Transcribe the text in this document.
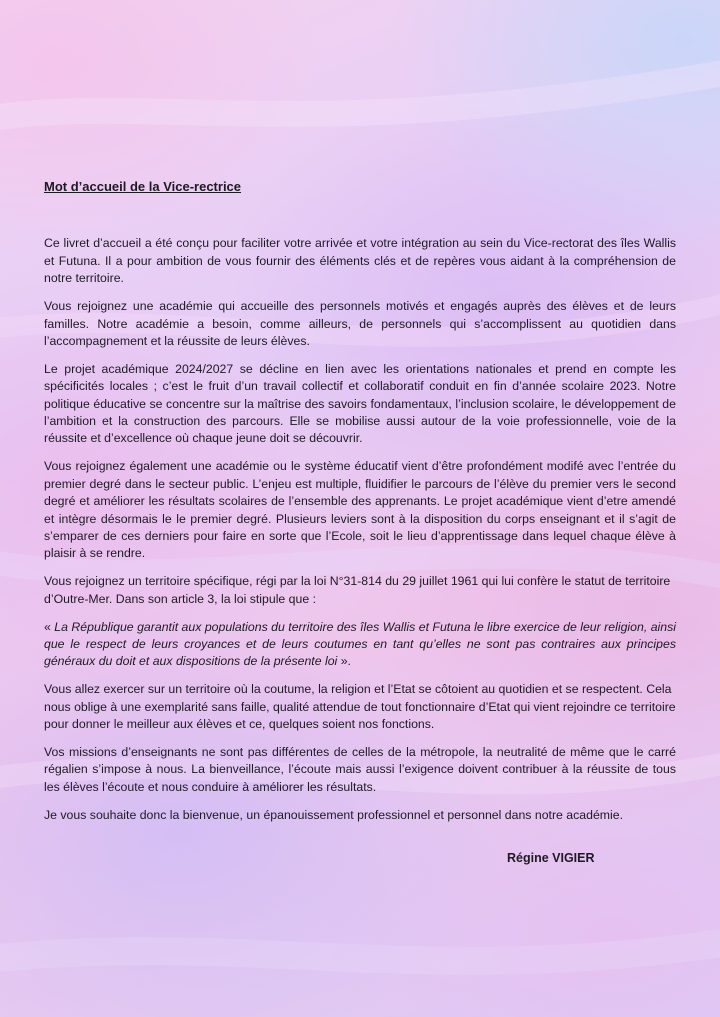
Mot d’accueil de la Vice-rectrice

Ce livret d’accueil a été conçu pour faciliter votre arrivée et votre intégration au sein du Vice-rectorat des îles Wallis et Futuna. Il a pour ambition de vous fournir des éléments clés et de repères vous aidant à la compréhension de notre territoire.

Vous rejoignez une académie qui accueille des personnels motivés et engagés auprès des élèves et de leurs familles. Notre académie a besoin, comme ailleurs, de personnels qui s’accomplissent au quotidien dans l’accompagnement et la réussite de leurs élèves.

Le projet académique 2024/2027 se décline en lien avec les orientations nationales et prend en compte les spécificités locales ; c’est le fruit d’un travail collectif et collaboratif conduit en fin d’année scolaire 2023. Notre politique éducative se concentre sur la maîtrise des savoirs fondamentaux, l’inclusion scolaire, le développement de l’ambition et la construction des parcours. Elle se mobilise aussi autour de la voie professionnelle, voie de la réussite et d’excellence où chaque jeune doit se découvrir.

Vous rejoignez également une académie ou le système éducatif vient d’être profondément modifé avec l’entrée du premier degré dans le secteur public. L’enjeu est multiple, fluidifier le parcours de l’élève du premier vers le second degré et améliorer les résultats scolaires de l’ensemble des apprenants. Le projet académique vient d’etre amendé et intègre désormais le le premier degré. Plusieurs leviers sont à la disposition du corps enseignant et il s’agit de s’emparer de ces derniers pour faire en sorte que l’Ecole, soit le lieu d’apprentissage dans lequel chaque élève à plaisir à se rendre.

Vous rejoignez un territoire spécifique, régi par la loi N°31-814 du 29 juillet 1961 qui lui confère le statut de territoire d’Outre-Mer. Dans son article 3, la loi stipule que :

« La République garantit aux populations du territoire des îles Wallis et Futuna le libre exercice de leur religion, ainsi que le respect de leurs croyances et de leurs coutumes en tant qu’elles ne sont pas contraires aux principes généraux du doit et aux dispositions de la présente loi ».

Vous allez exercer sur un territoire où la coutume, la religion et l’Etat se côtoient au quotidien et se respectent. Cela nous oblige à une exemplarité sans faille, qualité attendue de tout fonctionnaire d’Etat qui vient rejoindre ce territoire pour donner le meilleur aux élèves et ce, quelques soient nos fonctions.

Vos missions d’enseignants ne sont pas différentes de celles de la métropole, la neutralité de même que le carré régalien s’impose à nous. La bienveillance, l’écoute mais aussi l’exigence doivent contribuer à la réussite de tous les élèves l’écoute et nous conduire à améliorer les résultats.

Je vous souhaite donc la bienvenue, un épanouissement professionnel et personnel dans notre académie.

Régine VIGIER
